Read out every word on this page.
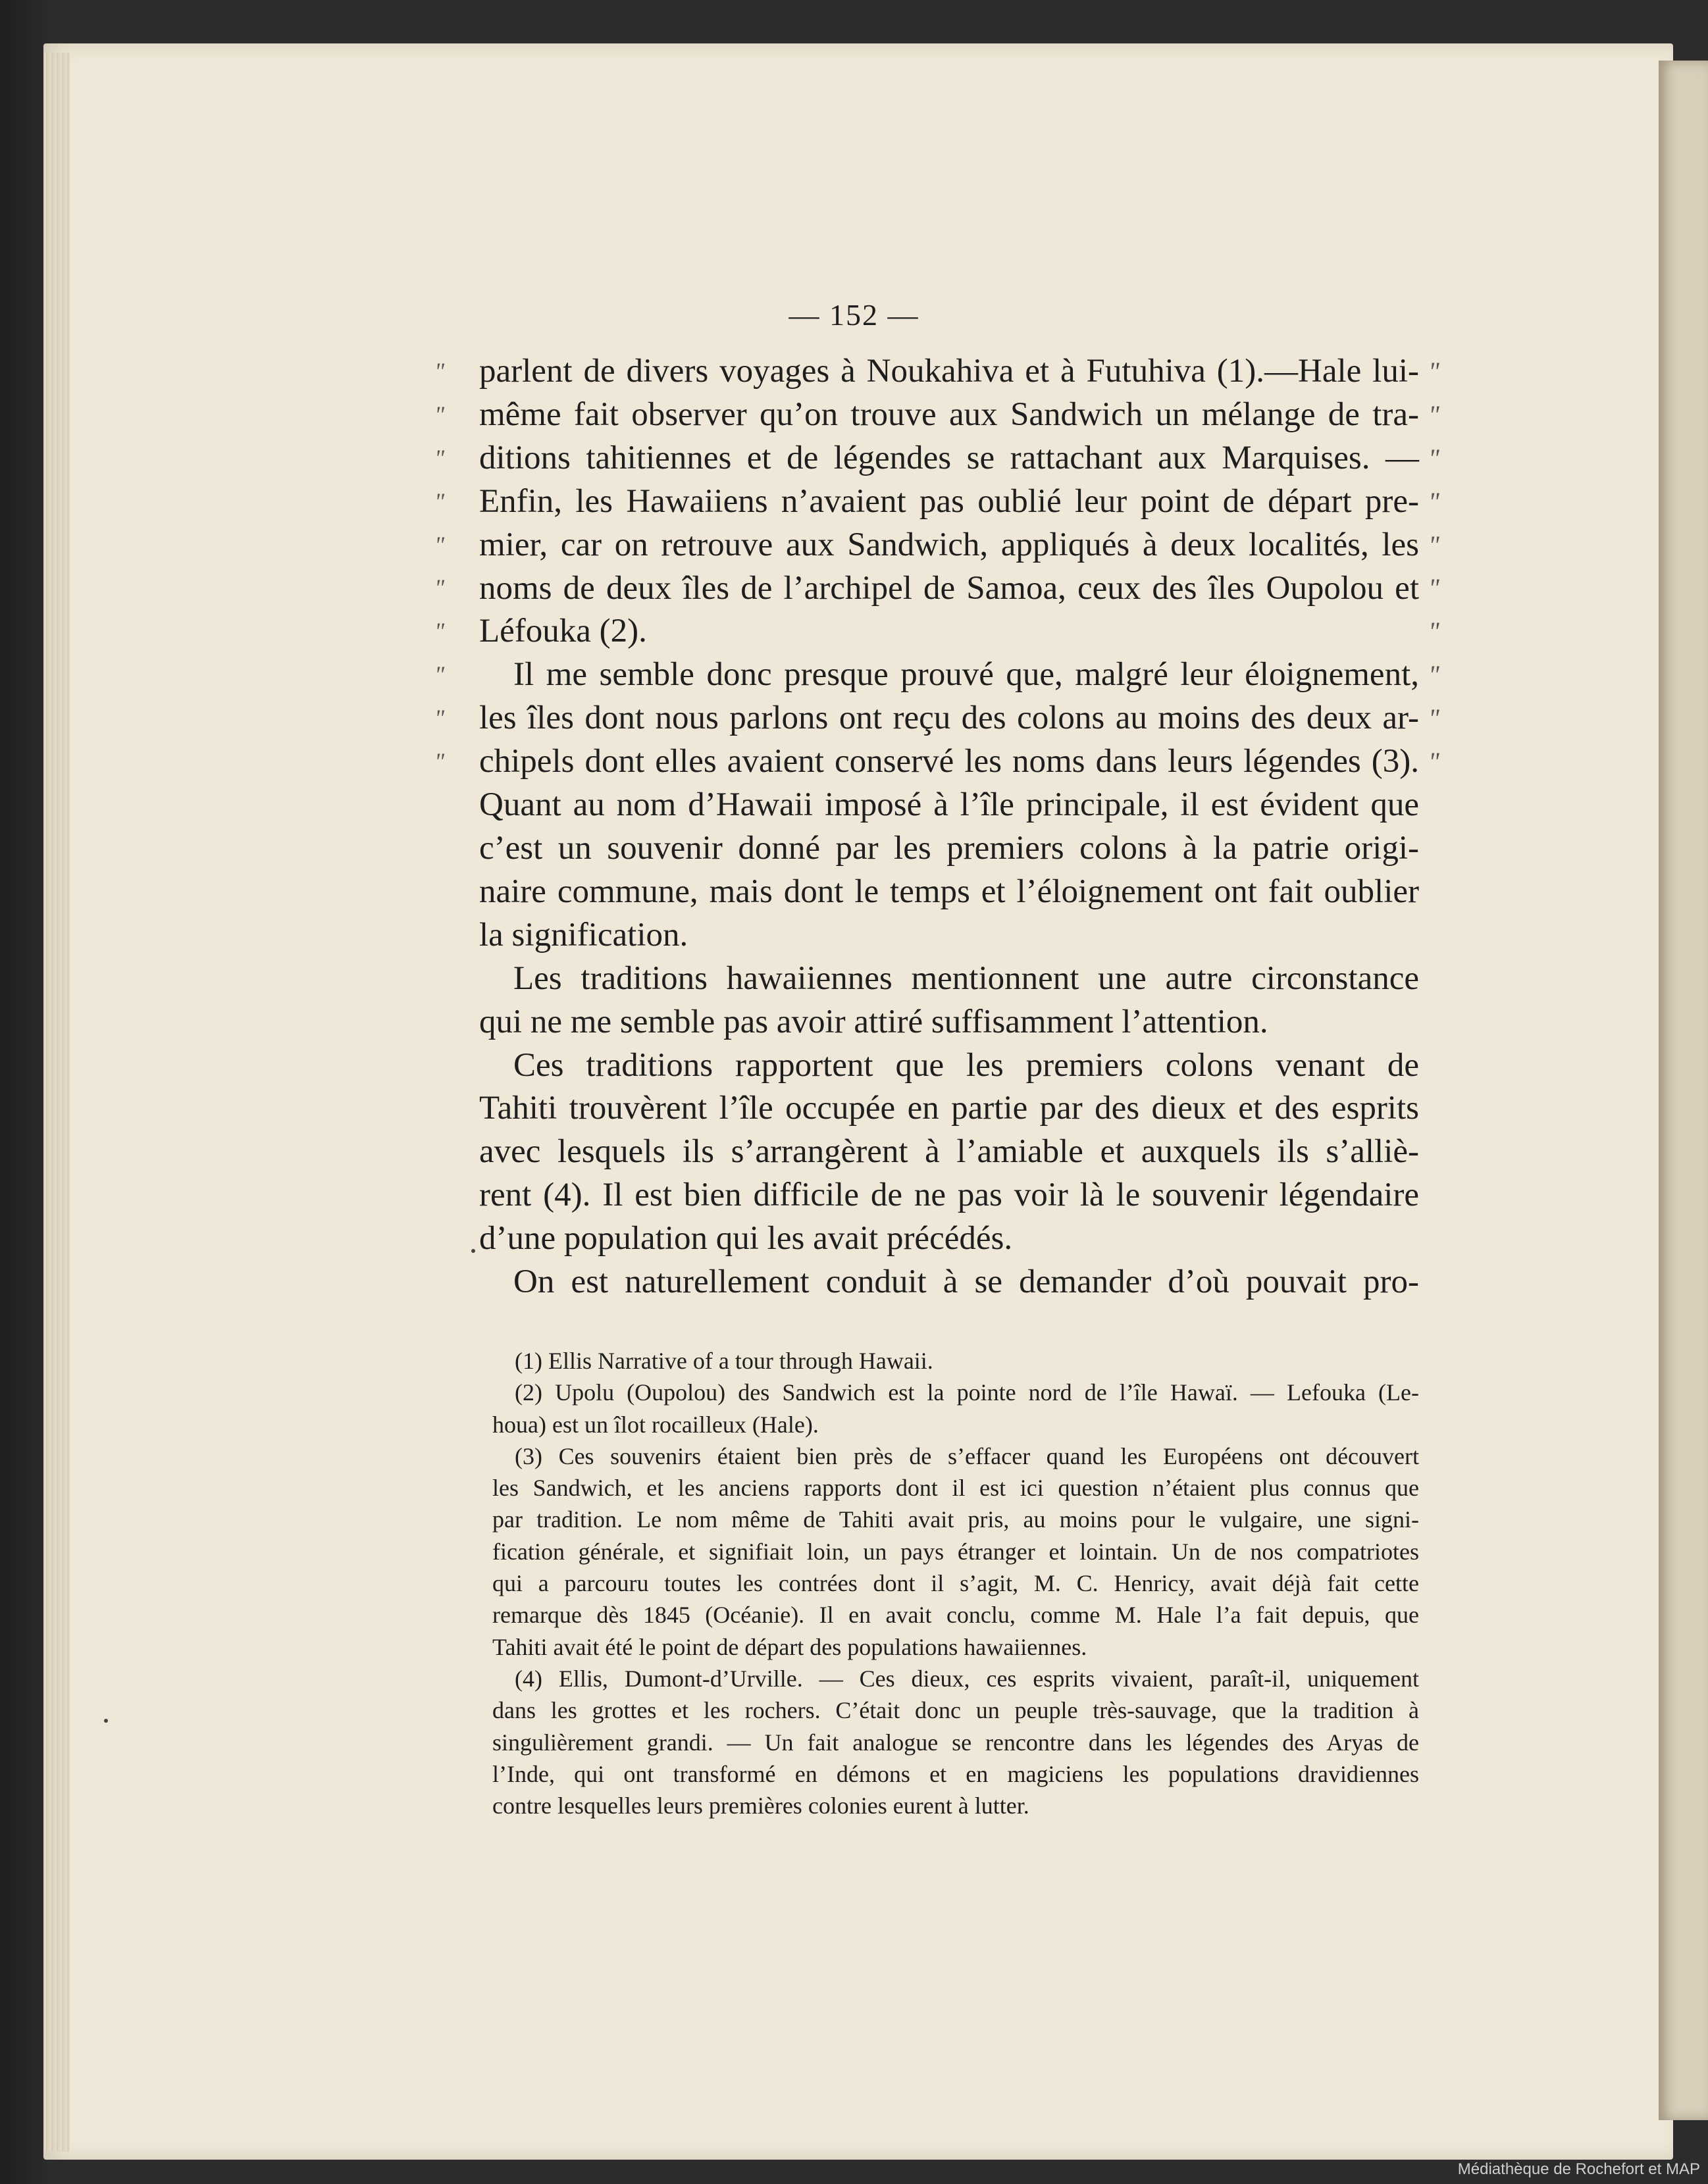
— 152 —
"
"
"
"
"
"
"
"
"
"
"
"
"
"
"
"
"
"
"
"
parlent de divers voyages à Noukahiva et à Futuhiva (1).—Hale lui-
même fait observer qu’on trouve aux Sandwich un mélange de tra-
ditions tahitiennes et de légendes se rattachant aux Marquises. —
Enfin, les Hawaiiens n’avaient pas oublié leur point de départ pre-
mier, car on retrouve aux Sandwich, appliqués à deux localités, les
noms de deux îles de l’archipel de Samoa, ceux des îles Oupolou et
Léfouka (2).
Il me semble donc presque prouvé que, malgré leur éloignement,
les îles dont nous parlons ont reçu des colons au moins des deux ar-
chipels dont elles avaient conservé les noms dans leurs légendes (3).
Quant au nom d’Hawaii imposé à l’île principale, il est évident que
c’est un souvenir donné par les premiers colons à la patrie origi-
naire commune, mais dont le temps et l’éloignement ont fait oublier
la signification.
Les traditions hawaiiennes mentionnent une autre circonstance
qui ne me semble pas avoir attiré suffisamment l’attention.
Ces traditions rapportent que les premiers colons venant de
Tahiti trouvèrent l’île occupée en partie par des dieux et des esprits
avec lesquels ils s’arrangèrent à l’amiable et auxquels ils s’alliè-
rent (4). Il est bien difficile de ne pas voir là le souvenir légendaire
d’une population qui les avait précédés.
On est naturellement conduit à se demander d’où pouvait pro-
(1) Ellis Narrative of a tour through Hawaii.
(2) Upolu (Oupolou) des Sandwich est la pointe nord de l’île Hawaï. — Lefouka (Le-
houa) est un îlot rocailleux (Hale).
(3) Ces souvenirs étaient bien près de s’effacer quand les Européens ont découvert
les Sandwich, et les anciens rapports dont il est ici question n’étaient plus connus que
par tradition. Le nom même de Tahiti avait pris, au moins pour le vulgaire, une signi-
fication générale, et signifiait loin, un pays étranger et lointain. Un de nos compatriotes
qui a parcouru toutes les contrées dont il s’agit, M. C. Henricy, avait déjà fait cette
remarque dès 1845 (Océanie). Il en avait conclu, comme M. Hale l’a fait depuis, que
Tahiti avait été le point de départ des populations hawaiiennes.
(4) Ellis, Dumont-d’Urville. — Ces dieux, ces esprits vivaient, paraît-il, uniquement
dans les grottes et les rochers. C’était donc un peuple très-sauvage, que la tradition à
singulièrement grandi. — Un fait analogue se rencontre dans les légendes des Aryas de
l’Inde, qui ont transformé en démons et en magiciens les populations dravidiennes
contre lesquelles leurs premières colonies eurent à lutter.
Médiathèque de Rochefort et MAP
